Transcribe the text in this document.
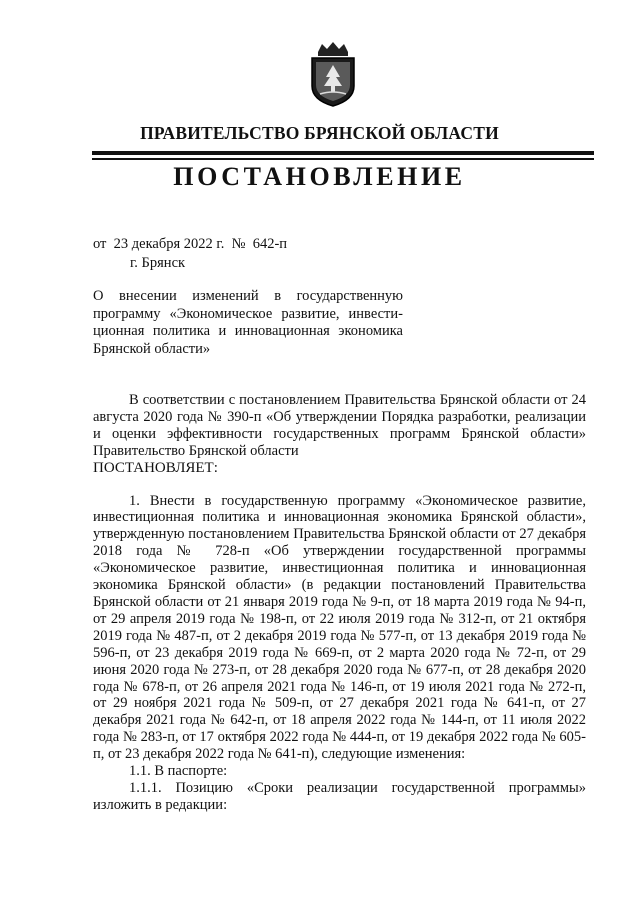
ПРАВИТЕЛЬСТВО БРЯНСКОЙ ОБЛАСТИ
ПОСТАНОВЛЕНИЕ
от 23 декабря 2022 г. № 642-п
г. Брянск
О внесении изменений в государственную программу «Экономическое развитие, инвестиционная политика и инновационная экономика Брянской области»

В соответствии с постановлением Правительства Брянской области от 24 августа 2020 года № 390-п «Об утверждении Порядка разработки, реализации и оценки эффективности государственных программ Брянской области» Правительство Брянской области

ПОСТАНОВЛЯЕТ:

1. Внести в государственную программу «Экономическое развитие, инвестиционная политика и инновационная экономика Брянской области», утвержденную постановлением Правительства Брянской области от 27 декабря 2018 года № 728-п «Об утверждении государственной программы «Экономическое развитие, инвестиционная политика и инновационная экономика Брянской области» (в редакции постановлений Правительства Брянской области от 21 января 2019 года № 9-п, от 18 марта 2019 года № 94-п, от 29 апреля 2019 года № 198-п, от 22 июля 2019 года № 312-п, от 21 октября 2019 года № 487-п, от 2 декабря 2019 года № 577-п, от 13 декабря 2019 года № 596-п, от 23 декабря 2019 года № 669-п, от 2 марта 2020 года № 72-п, от 29 июня 2020 года № 273-п, от 28 декабря 2020 года № 677-п, от 28 декабря 2020 года № 678-п, от 26 апреля 2021 года № 146-п, от 19 июля 2021 года № 272-п, от 29 ноября 2021 года № 509-п, от 27 декабря 2021 года № 641-п, от 27 декабря 2021 года № 642-п, от 18 апреля 2022 года № 144-п, от 11 июля 2022 года № 283-п, от 17 октября 2022 года № 444-п, от 19 декабря 2022 года № 605-п, от 23 декабря 2022 года № 641-п), следующие изменения:

1.1. В паспорте:

1.1.1. Позицию «Сроки реализации государственной программы» изложить в редакции:
